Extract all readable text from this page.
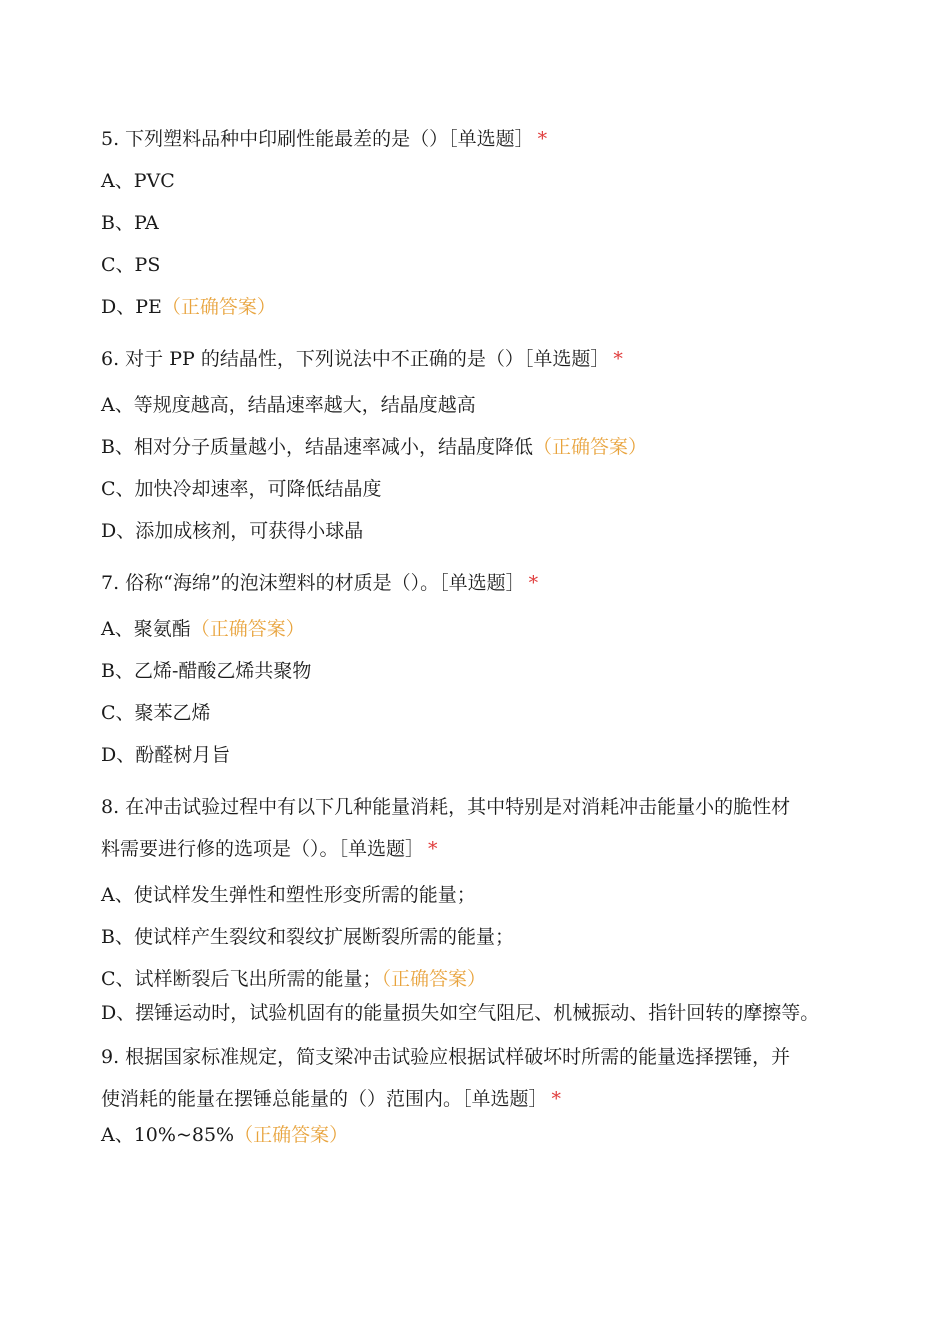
5. 下列塑料品种中印刷性能最差的是（）［单选题］ *

A、PVC

B、PA

C、PS

D、PE（正确答案）

6. 对于 PP 的结晶性，下列说法中不正确的是（）［单选题］ *

A、等规度越高，结晶速率越大，结晶度越高

B、相对分子质量越小，结晶速率减小，结晶度降低（正确答案）

C、加快冷却速率，可降低结晶度

D、添加成核剂，可获得小球晶

7. 俗称“海绵”的泡沫塑料的材质是（）。［单选题］ *

A、聚氨酯（正确答案）

B、乙烯-醋酸乙烯共聚物

C、聚苯乙烯

D、酚醛树月旨

8. 在冲击试验过程中有以下几种能量消耗，其中特别是对消耗冲击能量小的脆性材
料需要进行修的选项是（）。［单选题］ *

A、使试样发生弹性和塑性形变所需的能量；

B、使试样产生裂纹和裂纹扩展断裂所需的能量；

C、试样断裂后飞出所需的能量；（正确答案）

D、摆锤运动时，试验机固有的能量损失如空气阻尼、机械振动、指针回转的摩擦等。

9. 根据国家标准规定，简支梁冲击试验应根据试样破坏时所需的能量选择摆锤，并
使消耗的能量在摆锤总能量的（）范围内。［单选题］ *

A、10%~85%（正确答案）
